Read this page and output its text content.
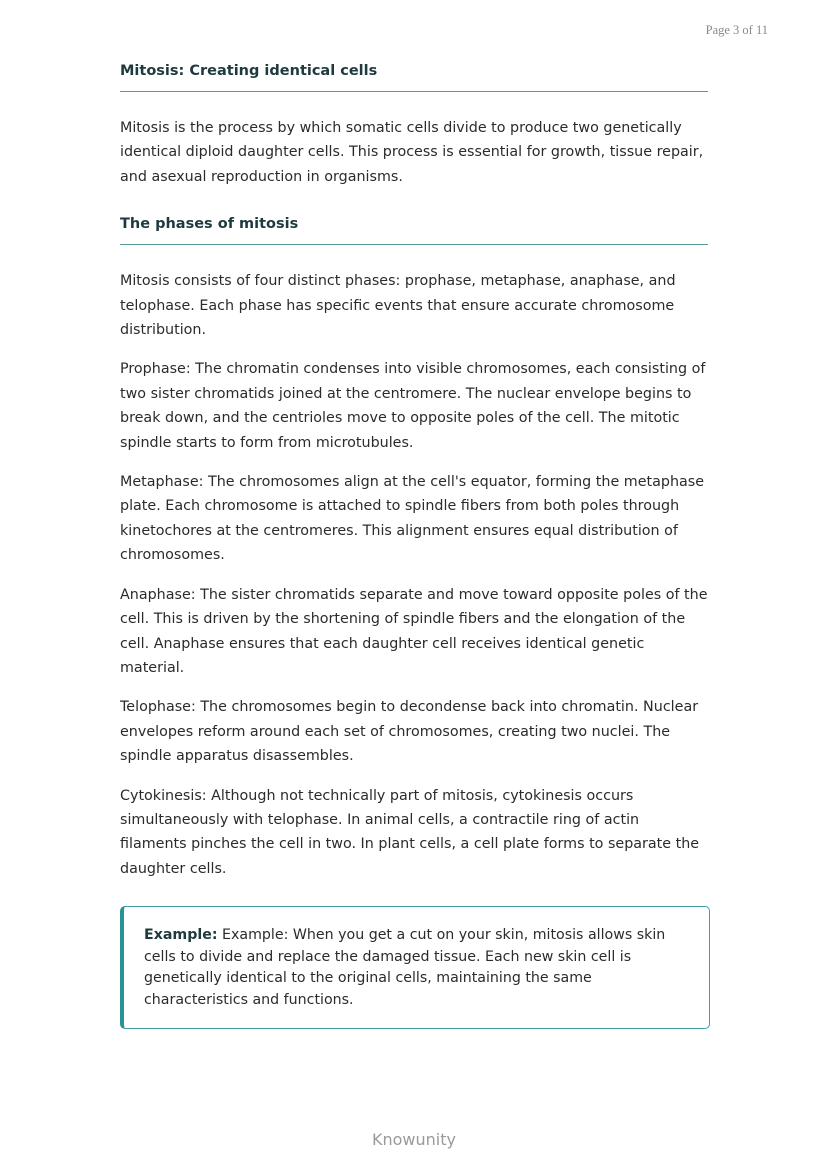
Page 3 of 11
Mitosis: Creating identical cells

Mitosis is the process by which somatic cells divide to produce two genetically identical diploid daughter cells. This process is essential for growth, tissue repair, and asexual reproduction in organisms.

The phases of mitosis

Mitosis consists of four distinct phases: prophase, metaphase, anaphase, and telophase. Each phase has specific events that ensure accurate chromosome distribution.

Prophase: The chromatin condenses into visible chromosomes, each consisting of two sister chromatids joined at the centromere. The nuclear envelope begins to break down, and the centrioles move to opposite poles of the cell. The mitotic spindle starts to form from microtubules.

Metaphase: The chromosomes align at the cell's equator, forming the metaphase plate. Each chromosome is attached to spindle fibers from both poles through kinetochores at the centromeres. This alignment ensures equal distribution of chromosomes.

Anaphase: The sister chromatids separate and move toward opposite poles of the cell. This is driven by the shortening of spindle fibers and the elongation of the cell. Anaphase ensures that each daughter cell receives identical genetic material.

Telophase: The chromosomes begin to decondense back into chromatin. Nuclear envelopes reform around each set of chromosomes, creating two nuclei. The spindle apparatus disassembles.

Cytokinesis: Although not technically part of mitosis, cytokinesis occurs simultaneously with telophase. In animal cells, a contractile ring of actin filaments pinches the cell in two. In plant cells, a cell plate forms to separate the daughter cells.

Example: Example: When you get a cut on your skin, mitosis allows skin cells to divide and replace the damaged tissue. Each new skin cell is genetically identical to the original cells, maintaining the same characteristics and functions.

Knowunity
